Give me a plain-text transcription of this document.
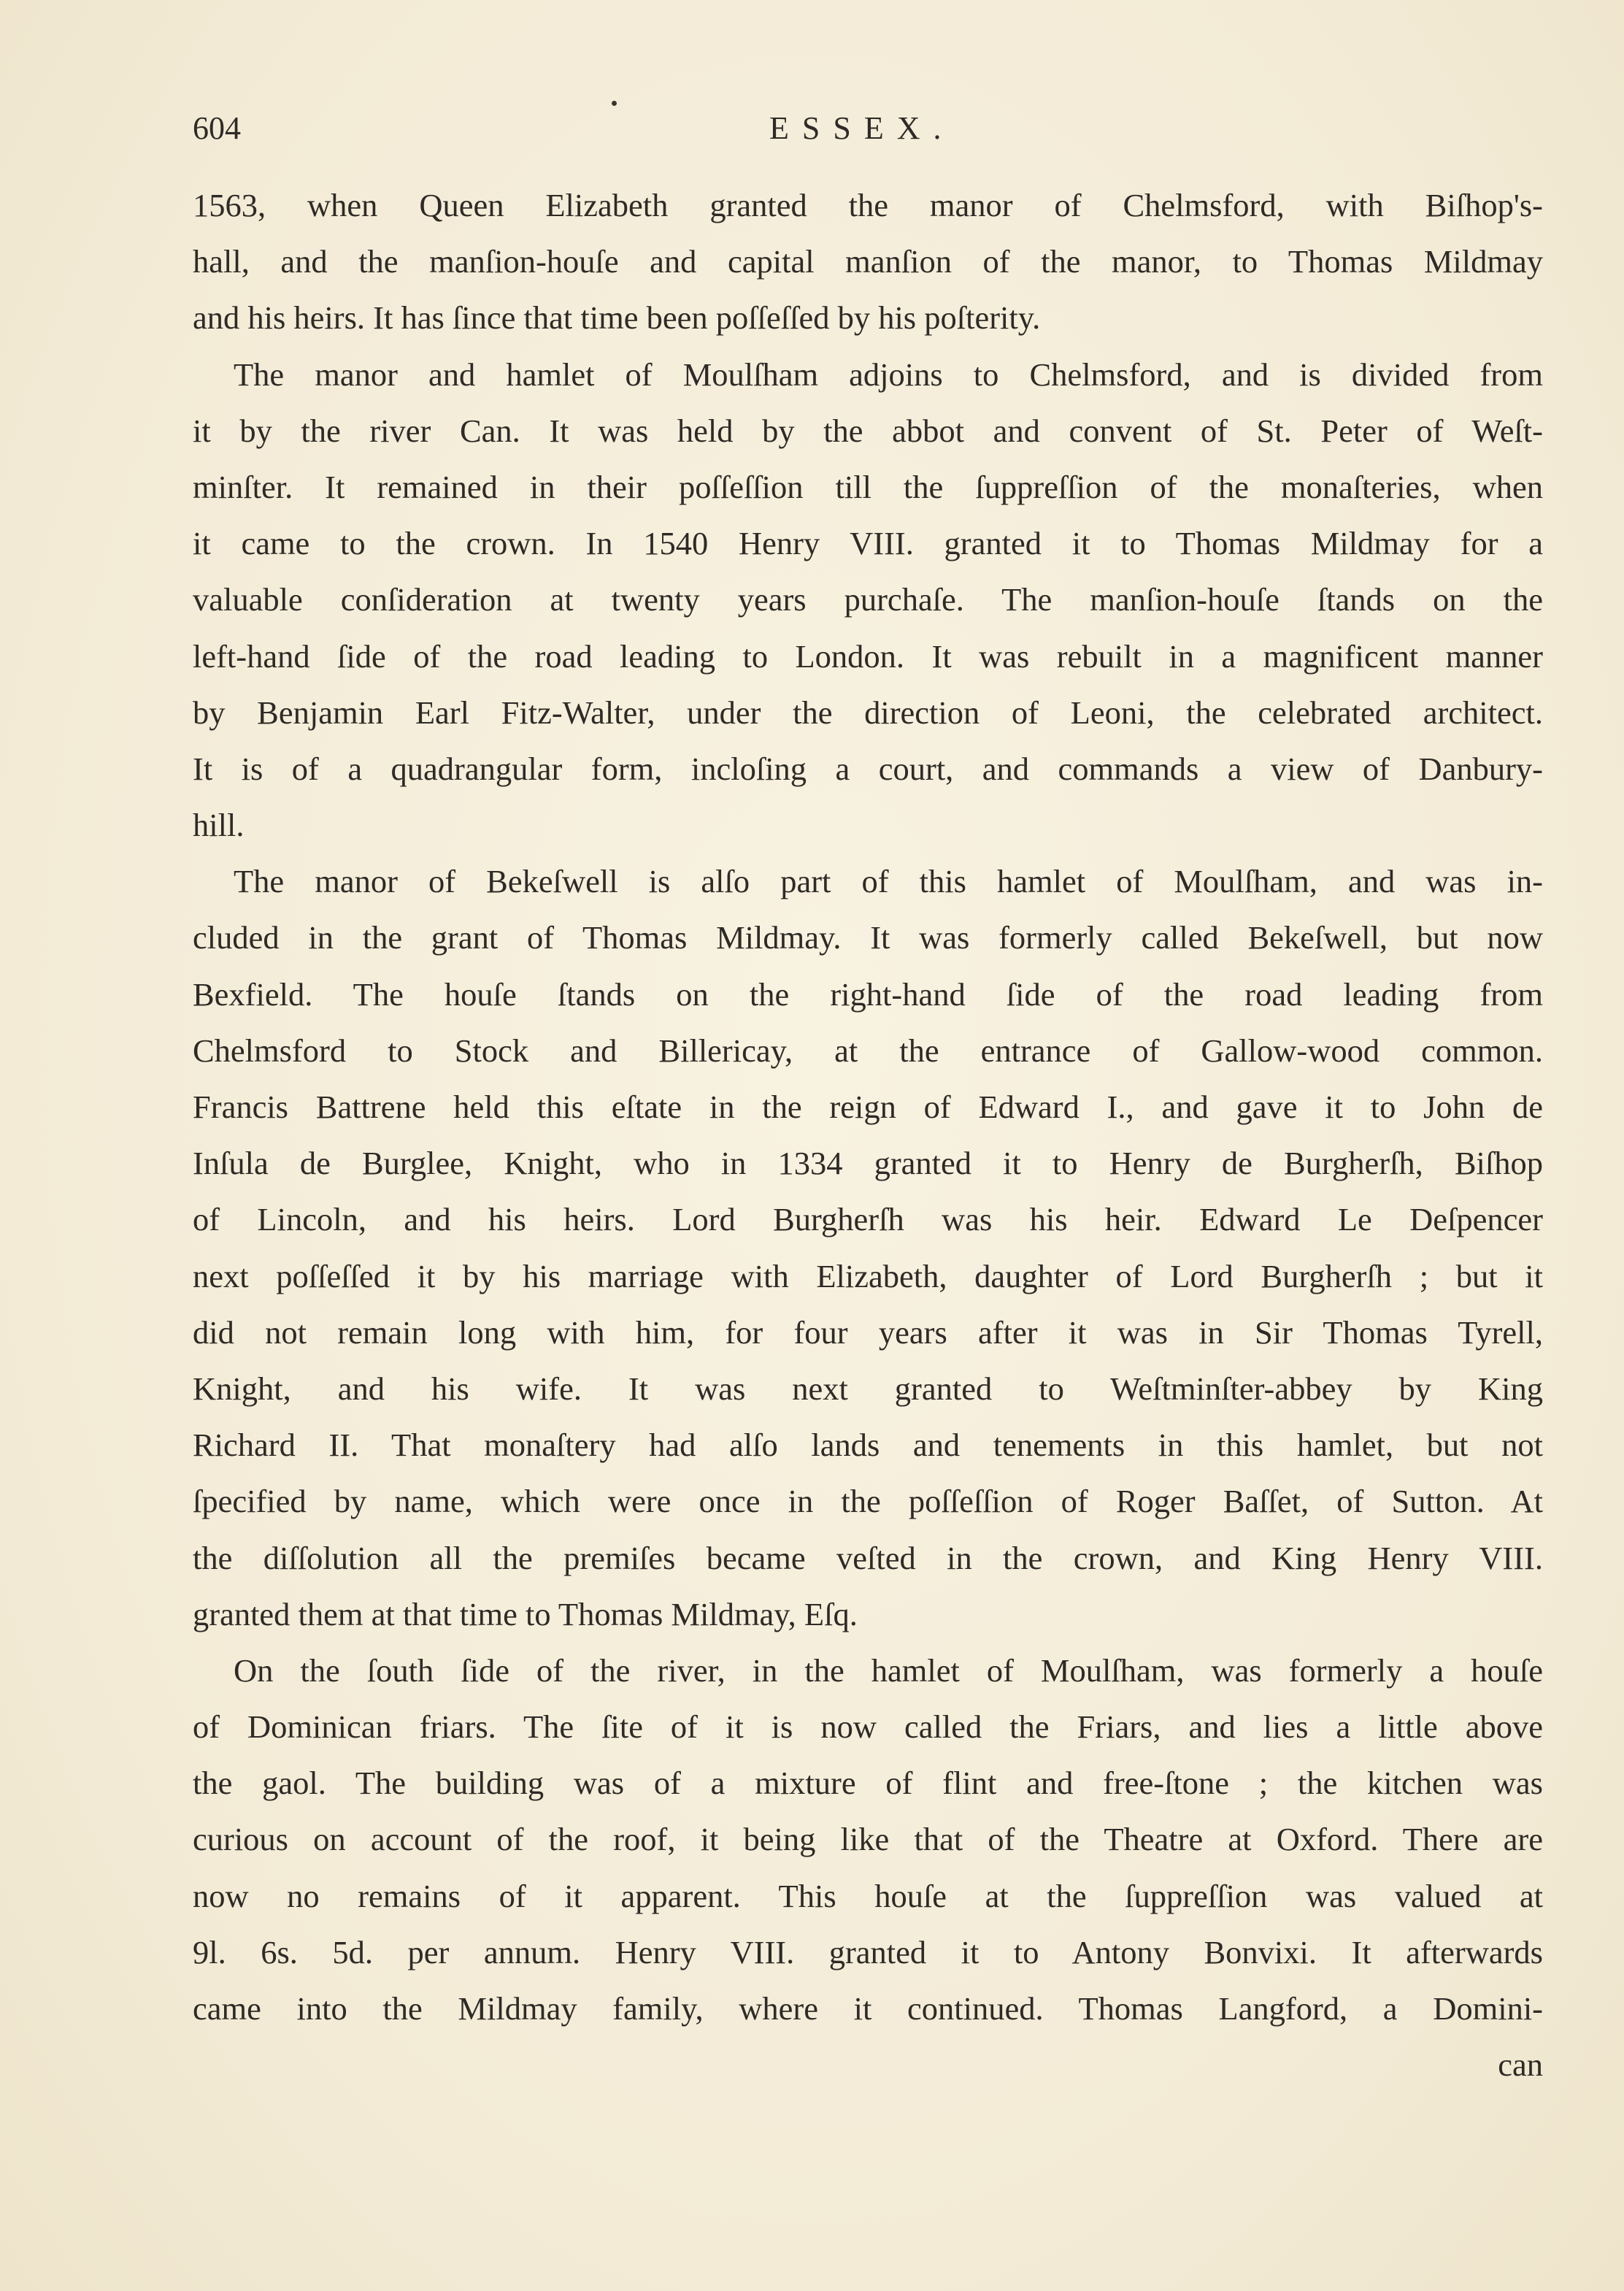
604	ESSEX.
1563, when Queen Elizabeth granted the manor of Chelmsford, with Biſhop's-
hall, and the manſion-houſe and capital manſion of the manor, to Thomas Mildmay
and his heirs. It has ſince that time been poſſeſſed by his poſterity.
The manor and hamlet of Moulſham adjoins to Chelmsford, and is divided from
it by the river Can. It was held by the abbot and convent of St. Peter of Weſt-
minſter. It remained in their poſſeſſion till the ſuppreſſion of the monaſteries, when
it came to the crown. In 1540 Henry VIII. granted it to Thomas Mildmay for a
valuable conſideration at twenty years purchaſe. The manſion-houſe ſtands on the
left-hand ſide of the road leading to London. It was rebuilt in a magnificent manner
by Benjamin Earl Fitz-Walter, under the direction of Leoni, the celebrated architect.
It is of a quadrangular form, incloſing a court, and commands a view of Danbury-
hill.
The manor of Bekeſwell is alſo part of this hamlet of Moulſham, and was in-
cluded in the grant of Thomas Mildmay. It was formerly called Bekeſwell, but now
Bexfield. The houſe ſtands on the right-hand ſide of the road leading from
Chelmsford to Stock and Billericay, at the entrance of Gallow-wood common.
Francis Battrene held this eſtate in the reign of Edward I., and gave it to John de
Inſula de Burglee, Knight, who in 1334 granted it to Henry de Burgherſh, Biſhop
of Lincoln, and his heirs. Lord Burgherſh was his heir. Edward Le Deſpencer
next poſſeſſed it by his marriage with Elizabeth, daughter of Lord Burgherſh ; but it
did not remain long with him, for four years after it was in Sir Thomas Tyrell,
Knight, and his wife. It was next granted to Weſtminſter-abbey by King
Richard II. That monaſtery had alſo lands and tenements in this hamlet, but not
ſpecified by name, which were once in the poſſeſſion of Roger Baſſet, of Sutton. At
the diſſolution all the premiſes became veſted in the crown, and King Henry VIII.
granted them at that time to Thomas Mildmay, Eſq.
On the ſouth ſide of the river, in the hamlet of Moulſham, was formerly a houſe
of Dominican friars. The ſite of it is now called the Friars, and lies a little above
the gaol. The building was of a mixture of flint and free-ſtone ; the kitchen was
curious on account of the roof, it being like that of the Theatre at Oxford. There are
now no remains of it apparent. This houſe at the ſuppreſſion was valued at
9l. 6s. 5d. per annum. Henry VIII. granted it to Antony Bonvixi. It afterwards
came into the Mildmay family, where it continued. Thomas Langford, a Domini-
can
